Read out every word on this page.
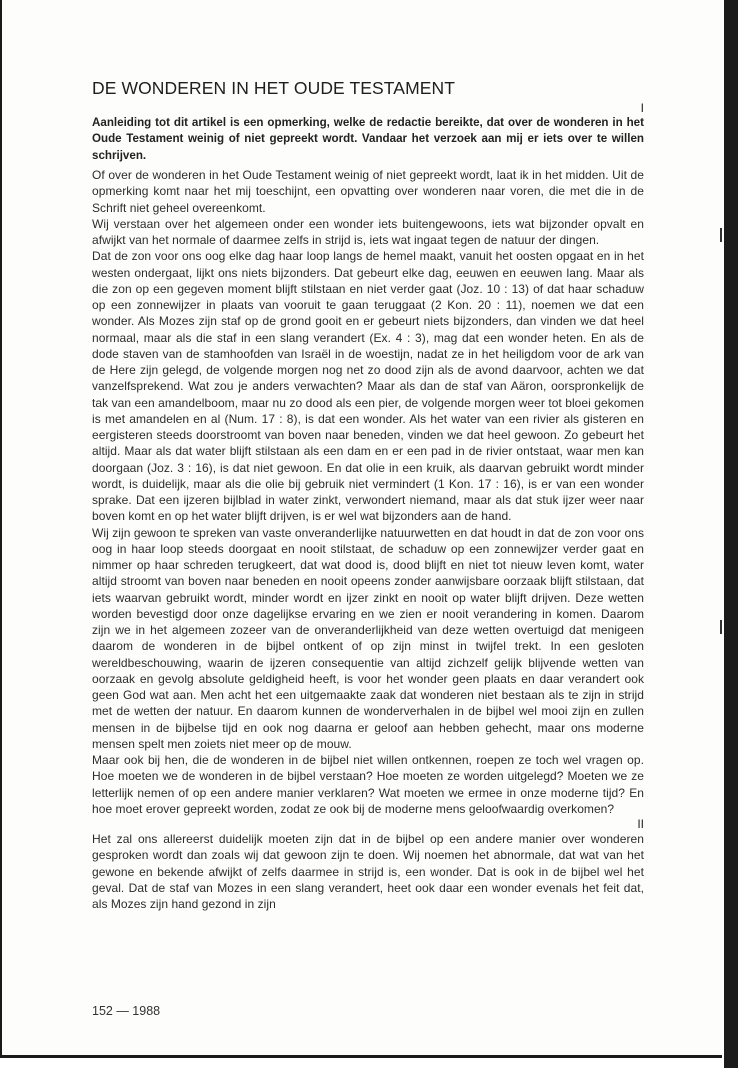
DE WONDEREN IN HET OUDE TESTAMENT
I

Aanleiding tot dit artikel is een opmerking, welke de redactie bereikte, dat over de wonderen in het Oude Testament weinig of niet gepreekt wordt. Vandaar het verzoek aan mij er iets over te willen schrijven.

Of over de wonderen in het Oude Testament weinig of niet gepreekt wordt, laat ik in het midden. Uit de opmerking komt naar het mij toeschijnt, een opvatting over wonderen naar voren, die met die in de Schrift niet geheel overeenkomt.

Wij verstaan over het algemeen onder een wonder iets buitengewoons, iets wat bijzonder opvalt en afwijkt van het normale of daarmee zelfs in strijd is, iets wat ingaat tegen de natuur der dingen.

Dat de zon voor ons oog elke dag haar loop langs de hemel maakt, vanuit het oosten opgaat en in het westen ondergaat, lijkt ons niets bijzonders. Dat gebeurt elke dag, eeuwen en eeuwen lang. Maar als die zon op een gegeven moment blijft stilstaan en niet verder gaat (Joz. 10 : 13) of dat haar schaduw op een zonnewijzer in plaats van vooruit te gaan teruggaat (2 Kon. 20 : 11), noemen we dat een wonder. Als Mozes zijn staf op de grond gooit en er gebeurt niets bijzonders, dan vinden we dat heel normaal, maar als die staf in een slang verandert (Ex. 4 : 3), mag dat een wonder heten. En als de dode staven van de stamhoofden van Israël in de woestijn, nadat ze in het heiligdom voor de ark van de Here zijn gelegd, de volgende morgen nog net zo dood zijn als de avond daarvoor, achten we dat vanzelfsprekend. Wat zou je anders verwachten? Maar als dan de staf van Aäron, oorspronkelijk de tak van een amandelboom, maar nu zo dood als een pier, de volgende morgen weer tot bloei gekomen is met amandelen en al (Num. 17 : 8), is dat een wonder. Als het water van een rivier als gisteren en eergisteren steeds doorstroomt van boven naar beneden, vinden we dat heel gewoon. Zo gebeurt het altijd. Maar als dat water blijft stilstaan als een dam en er een pad in de rivier ontstaat, waar men kan doorgaan (Joz. 3 : 16), is dat niet gewoon. En dat olie in een kruik, als daarvan gebruikt wordt minder wordt, is duidelijk, maar als die olie bij gebruik niet vermindert (1 Kon. 17 : 16), is er van een wonder sprake. Dat een ijzeren bijlblad in water zinkt, verwondert niemand, maar als dat stuk ijzer weer naar boven komt en op het water blijft drijven, is er wel wat bijzonders aan de hand.

Wij zijn gewoon te spreken van vaste onveranderlijke natuurwetten en dat houdt in dat de zon voor ons oog in haar loop steeds doorgaat en nooit stilstaat, de schaduw op een zonnewijzer verder gaat en nimmer op haar schreden terugkeert, dat wat dood is, dood blijft en niet tot nieuw leven komt, water altijd stroomt van boven naar beneden en nooit opeens zonder aanwijsbare oorzaak blijft stilstaan, dat iets waarvan gebruikt wordt, minder wordt en ijzer zinkt en nooit op water blijft drijven. Deze wetten worden bevestigd door onze dagelijkse ervaring en we zien er nooit verandering in komen. Daarom zijn we in het algemeen zozeer van de onveranderlijkheid van deze wetten overtuigd dat menigeen daarom de wonderen in de bijbel ontkent of op zijn minst in twijfel trekt. In een gesloten wereldbeschouwing, waarin de ijzeren consequentie van altijd zichzelf gelijk blijvende wetten van oorzaak en gevolg absolute geldigheid heeft, is voor het wonder geen plaats en daar verandert ook geen God wat aan. Men acht het een uitgemaakte zaak dat wonderen niet bestaan als te zijn in strijd met de wetten der natuur. En daarom kunnen de wonderverhalen in de bijbel wel mooi zijn en zullen mensen in de bijbelse tijd en ook nog daarna er geloof aan hebben gehecht, maar ons moderne mensen spelt men zoiets niet meer op de mouw.

Maar ook bij hen, die de wonderen in de bijbel niet willen ontkennen, roepen ze toch wel vragen op. Hoe moeten we de wonderen in de bijbel verstaan? Hoe moeten ze worden uitgelegd? Moeten we ze letterlijk nemen of op een andere manier verklaren? Wat moeten we ermee in onze moderne tijd? En hoe moet erover gepreekt worden, zodat ze ook bij de moderne mens geloofwaardig overkomen?

II

Het zal ons allereerst duidelijk moeten zijn dat in de bijbel op een andere manier over wonderen gesproken wordt dan zoals wij dat gewoon zijn te doen. Wij noemen het abnormale, dat wat van het gewone en bekende afwijkt of zelfs daarmee in strijd is, een wonder. Dat is ook in de bijbel wel het geval. Dat de staf van Mozes in een slang verandert, heet ook daar een wonder evenals het feit dat, als Mozes zijn hand gezond in zijn

152 — 1988
